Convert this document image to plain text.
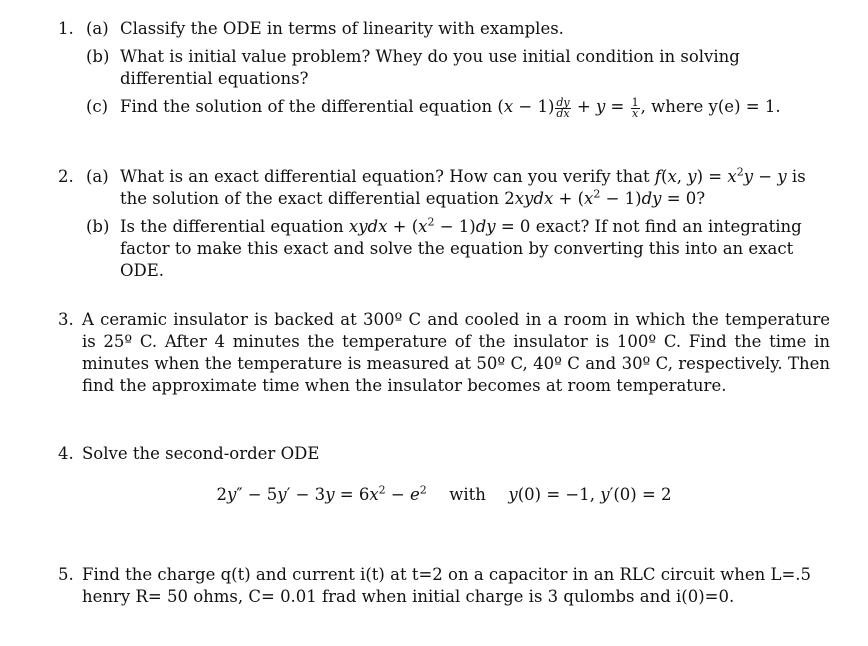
1. (a) Classify the ODE in terms of linearity with examples.
(b) What is initial value problem? Whey do you use initial condition in solving differential equations?
(c) Find the solution of the differential equation $(x - 1) \frac{dy}{dx} + y = \frac{1}{x}$ , where y(e) = 1.
2. (a) What is an exact differential equation? How can you verify that f(x, $y) = x^2y - y$ is the solution of the exact differential equation 2xydx + $(x^2 - 1)dy = 0$?
(b) Is the differential equation xydx + $(x^2 - 1)dy = 0$ exact? If not find an integrating factor to make this exact and solve the equation by converting this into an exact ODE.
3. A ceramic insulator is backed at 300º C and cooled in a room in which the temperature is 25º C. After 4 minutes the temperature of the insulator is 100º C. Find the time in minutes when the temperature is measured at 50º C, 40º C and 30º C, respectively. Then find the approximate time when the insulator becomes at room temperature.
4. Solve the second-order ODE
$2y'' - 5y' - 3y = 6x^2 - e^2$ with y(0) = −1, y′(0) = 2
5. Find the charge q(t) and current i(t) at t=2 on a capacitor in an RLC circuit when L=.5 henry R= 50 ohms, C= 0.01 frad when initial charge is 3 qulombs and i(0)=0.
